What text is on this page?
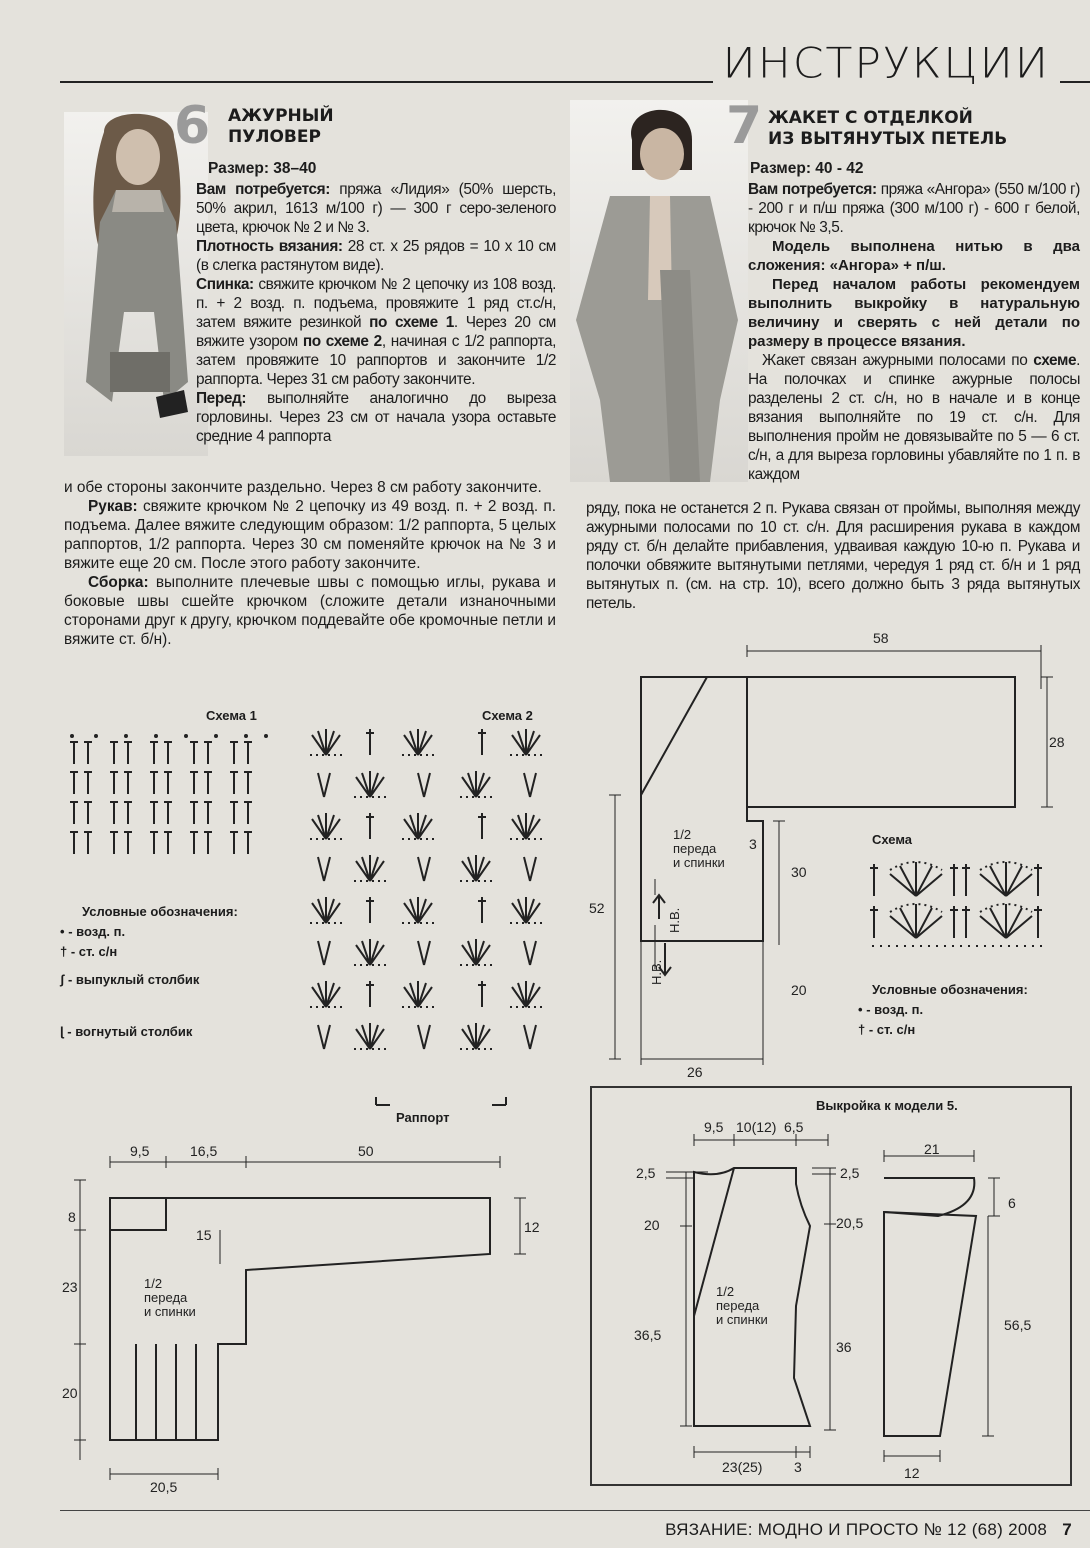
ИНСТРУКЦИИ
6 АЖУРНЫЙ
ПУЛОВЕР
Размер: 38–40

Вам потребуется: пряжа «Лидия» (50% шерсть, 50% акрил, 1613 м/100 г) — 300 г серо-зеленого цвета, крючок № 2 и № 3.

Плотность вязания: 28 ст. х 25 рядов = 10 х 10 см (в слегка растянутом виде).

Спинка: свяжите крючком № 2 цепочку из 108 возд. п. + 2 возд. п. подъема, провяжите 1 ряд ст.с/н, затем вяжите резинкой по схеме 1. Через 20 см вяжите узором по схеме 2, начиная с 1/2 раппорта, затем провяжите 10 раппортов и закончите 1/2 раппорта. Через 31 см работу закончите.

Перед: выполняйте аналогично до выреза горловины. Через 23 см от начала узора оставьте средние 4 раппорта

и обе стороны закончите раздельно. Через 8 см работу закончите.

Рукав: свяжите крючком № 2 цепочку из 49 возд. п. + 2 возд. п. подъема. Далее вяжите следующим образом: 1/2 раппорта, 5 целых раппортов, 1/2 раппорта. Через 30 см поменяйте крючок на № 3 и вяжите еще 20 см. После этого работу закончите.

Сборка: выполните плечевые швы с помощью иглы, рукава и боковые швы сшейте крючком (сложите детали изнаночными сторонами друг к другу, крючком поддевайте обе кромочные петли и вяжите ст. б/н).

Схема 1
Условные обозначения:
• - возд. п.
† - ст. с/н
ʃ - выпуклый столбик
ɭ - вогнутый столбик
Схема 2
Раппорт
9,5	16,5	50
8
15	12
23
20
20,5
1/2
переда
и спинки
7 ЖАКЕТ С ОТДЕЛКОЙ
ИЗ ВЫТЯНУТЫХ ПЕТЕЛЬ
Размер: 40 - 42

Вам потребуется: пряжа «Ангора» (550 м/100 г) - 200 г и п/ш пряжа (300 м/100 г) - 600 г белой, крючок № 3,5.

Модель выполнена нитью в два сложения: «Ангора» + п/ш.

Перед началом работы рекомендуем выполнить выкройку в натуральную величину и сверять с ней детали по размеру в процессе вязания.

Жакет связан ажурными полосами по схеме. На полочках и спинке ажурные полосы разделены 2 ст. с/н, но в начале и в конце вязания выполняйте по 19 ст. с/н. Для выполнения пройм не довязывайте по 5 — 6 ст. с/н, а для выреза горловины убавляйте по 1 п. в каждом

ряду, пока не останется 2 п. Рукава связан от проймы, выполняя между ажурными полосами по 10 ст. с/н. Для расширения рукава в каждом ряду ст. б/н делайте прибавления, удваивая каждую 10-ю п. Рукава и полочки обвяжите вытянутыми петлями, чередуя 1 ряд ст. б/н и 1 ряд вытянутых п. (см. на стр. 10), всего должно быть 3 ряда вытянутых петель.

58
28
3
30
52
20
26
1/2
переда
и спинки
Н.В.
Н.В.
Схема
Условные обозначения:
• - возд. п.
† - ст. с/н
Выкройка к модели 5.
9,5 10(12) 6,5
2,5	2,5
20	20,5
36,5
36
23(25) 3
21
6
56,5
12
1/2
переда
и спинки
ВЯЗАНИЕ: МОДНО И ПРОСТО № 12 (68) 2008 7
